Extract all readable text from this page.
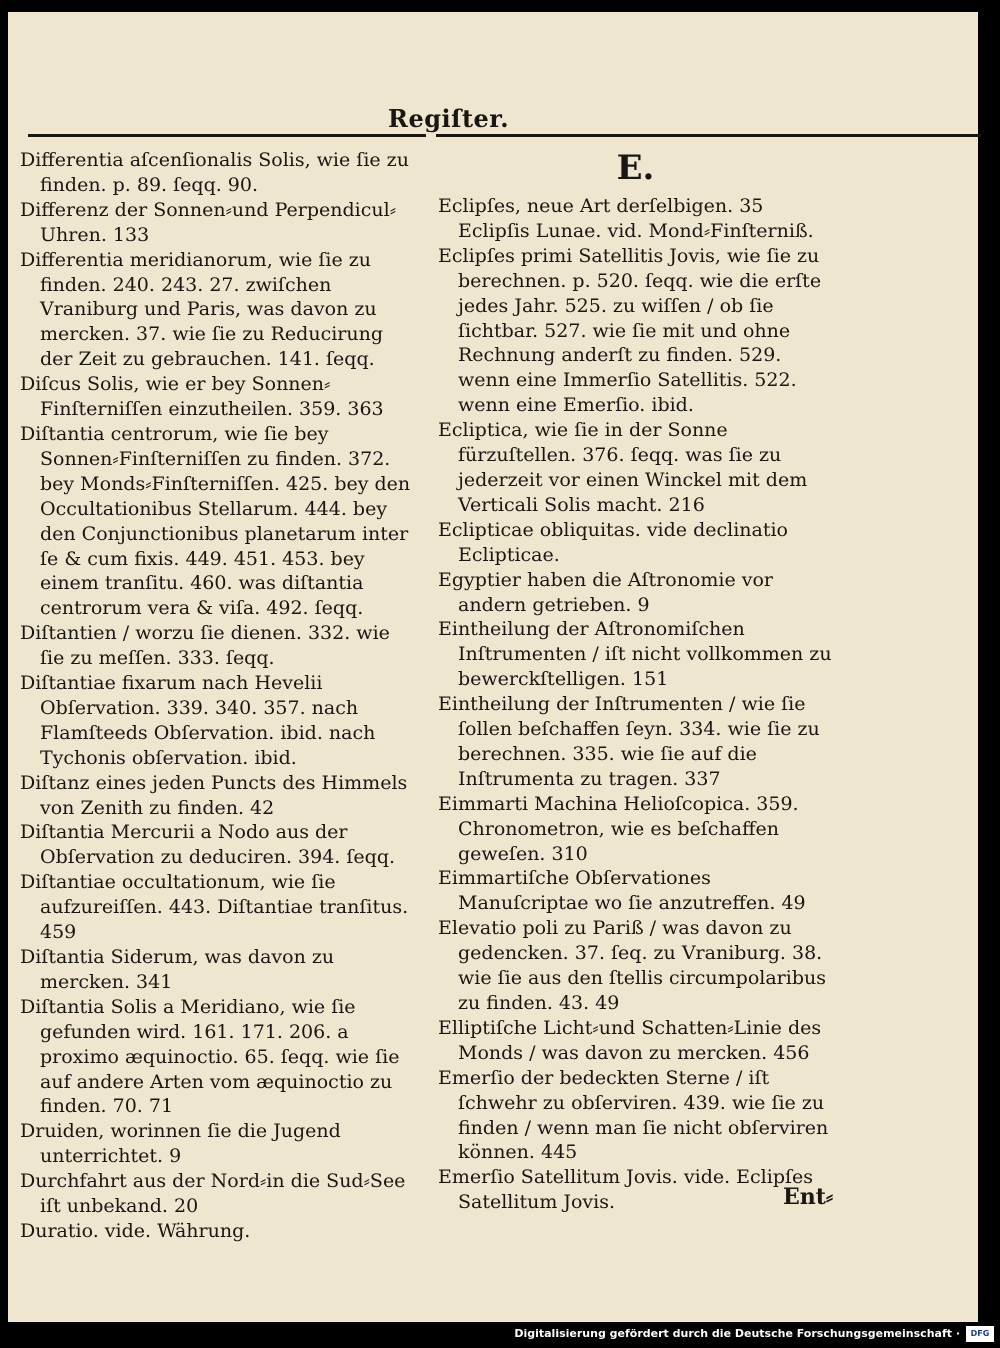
Regiſter.

Differentia aſcenſionalis Solis, wie ſie zu finden. p. 89. ſeqq. 90.

Differenz der Sonnen⸗und Perpendicul⸗Uhren. 133

Differentia meridianorum, wie ſie zu finden. 240. 243. 27. zwiſchen Vraniburg und Paris, was davon zu mercken. 37. wie ſie zu Reducirung der Zeit zu gebrauchen. 141. ſeqq.

Diſcus Solis, wie er bey Sonnen⸗Finſterniſſen einzutheilen. 359. 363

Diſtantia centrorum, wie ſie bey Sonnen⸗Finſterniſſen zu finden. 372. bey Monds⸗Finſterniſſen. 425. bey den Occultationibus Stellarum. 444. bey den Conjunctionibus planetarum inter ſe & cum fixis. 449. 451. 453. bey einem tranſitu. 460. was diſtantia centrorum vera & viſa. 492. ſeqq.

Diſtantien / worzu ſie dienen. 332. wie ſie zu meſſen. 333. ſeqq.

Diſtantiae fixarum nach Hevelii Obſervation. 339. 340. 357. nach Flamſteeds Obſervation. ibid. nach Tychonis obſervation. ibid.

Diſtanz eines jeden Puncts des Himmels von Zenith zu finden. 42

Diſtantia Mercurii a Nodo aus der Obſervation zu deduciren. 394. ſeqq.

Diſtantiae occultationum, wie ſie aufzureiſſen. 443. Diſtantiae tranſitus. 459

Diſtantia Siderum, was davon zu mercken. 341

Diſtantia Solis a Meridiano, wie ſie gefunden wird. 161. 171. 206. a proximo æquinoctio. 65. ſeqq. wie ſie auf andere Arten vom æquinoctio zu finden. 70. 71

Druiden, worinnen ſie die Jugend unterrichtet. 9

Durchfahrt aus der Nord⸗in die Sud⸗See iſt unbekand. 20

Duratio. vide. Währung.

E.

Eclipſes, neue Art derſelbigen. 35 Eclipſis Lunae. vid. Mond⸗Finſterniß.

Eclipſes primi Satellitis Jovis, wie ſie zu berechnen. p. 520. ſeqq. wie die erſte jedes Jahr. 525. zu wiſſen / ob ſie ſichtbar. 527. wie ſie mit und ohne Rechnung anderſt zu finden. 529. wenn eine Immerſio Satellitis. 522. wenn eine Emerſio. ibid.

Ecliptica, wie ſie in der Sonne fürzuſtellen. 376. ſeqq. was ſie zu jederzeit vor einen Winckel mit dem Verticali Solis macht. 216

Eclipticae obliquitas. vide declinatio Eclipticae.

Egyptier haben die Aſtronomie vor andern getrieben. 9

Eintheilung der Aſtronomiſchen Inſtrumenten / iſt nicht vollkommen zu bewerckſtelligen. 151

Eintheilung der Inſtrumenten / wie ſie ſollen beſchaffen ſeyn. 334. wie ſie zu berechnen. 335. wie ſie auf die Inſtrumenta zu tragen. 337

Eimmarti Machina Helioſcopica. 359. Chronometron, wie es beſchaffen geweſen. 310

Eimmartiſche Obſervationes Manuſcriptae wo ſie anzutreffen. 49

Elevatio poli zu Pariß / was davon zu gedencken. 37. ſeq. zu Vraniburg. 38. wie ſie aus den ſtellis circumpolaribus zu finden. 43. 49

Elliptiſche Licht⸗und Schatten⸗Linie des Monds / was davon zu mercken. 456

Emerſio der bedeckten Sterne / iſt ſchwehr zu obſerviren. 439. wie ſie zu finden / wenn man ſie nicht obſerviren können. 445

Emerſio Satellitum Jovis. vide. Eclipſes Satellitum Jovis.	Ent⸗
Digitalisierung gefördert durch die Deutsche Forschungsgemeinschaft ·	DFG
